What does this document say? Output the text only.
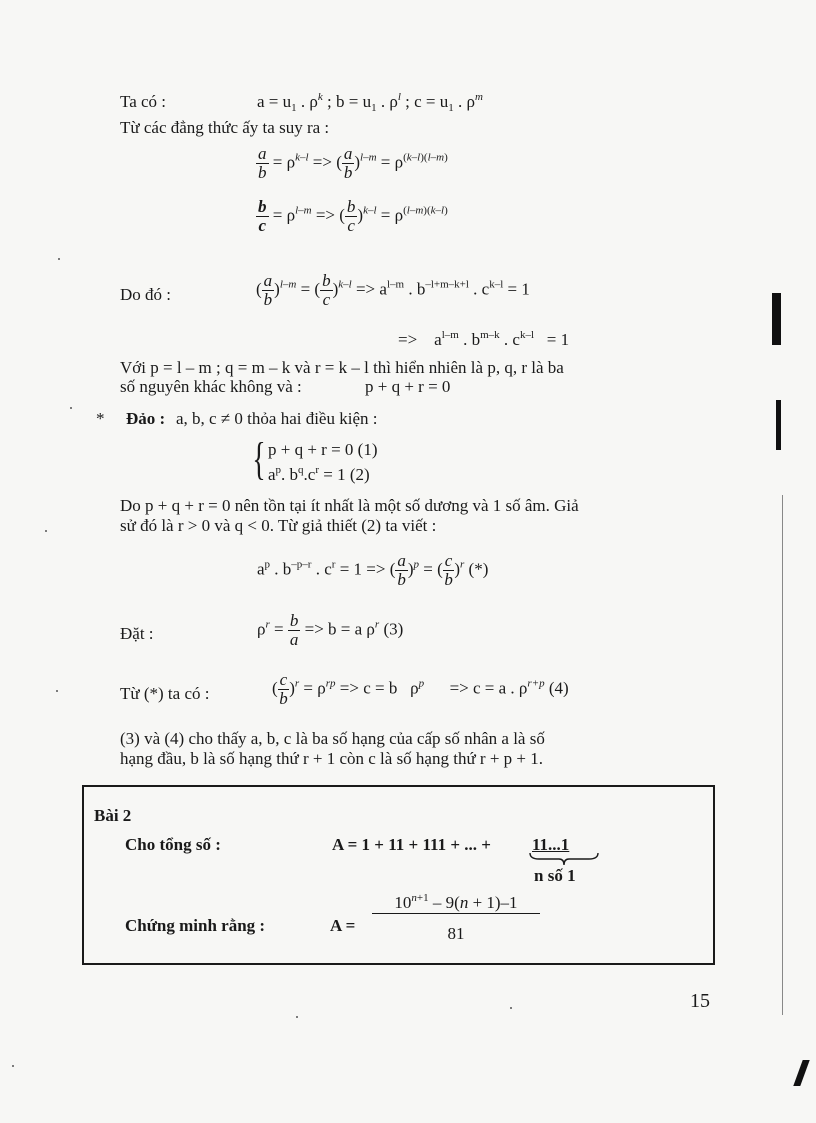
Ta có :	$a = u_1$ . $\rho^k$ ; $b = u_1$ . $\rho^l$ ; $c = u_1$ . $\rho^m$
Từ các đẳng thức ấy ta suy ra :
$\frac{a}{b} = \rho^{k-l}$ => ( $\frac{a}{b} )^{l-m} = \rho^{(k-l)(l-m)}$
$\frac{b}{c} = \rho^{l-m}$ => ( $\frac{b}{c} )^{k-l} = \rho^{(l-m)(k-l)}$
Do đó :	( $\frac{a}{b} )^{l-m}$ = ( $\frac{b}{c} )^{k-l} => a^{l-m}$ . $b^{-l+m-k+l}$ . $c^{k-l} = 1$
=>    $a^{l-m}$ . $b^{m-k}$ . $c^{k-l} = 1$
Với p = l – m ; q = m – k và r = k – l thì hiển nhiên là p, q, r là ba
số nguyên khác không và :	p + q + r = 0
* Đảo : a, b, c ≠ 0 thỏa hai điều kiện :
{ p + q + r = 0 (1)
$a^p$. $b^q.c^r = 1$ (2)
Do p + q + r = 0 nên tồn tại ít nhất là một số dương và 1 số âm. Giả
sử đó là r > 0 và q < 0. Từ giả thiết (2) ta viết :
$a^p$ . $b^{-p-r}$ . $c^r = 1$ => ( $\frac{a}{b} )^p$ = ( $\frac{c}{b} )^r$ (*)
Đặt :	$\rho^r = \frac{b}{a} => b = a$ $\rho^r$ (3)
Từ (*) ta có :	( $\frac{c}{b} )^r = \rho^{rp} => c = b$   $\rho^p$      => c = a . $\rho^{r+p}$ (4)
(3) và (4) cho thấy a, b, c là ba số hạng của cấp số nhân a là số
hạng đầu, b là số hạng thứ r + 1 còn c là số hạng thứ r + p + 1.
Bài 2
Cho tổng số :	A = 1 + 11 + 111 + ... + 11...1
n số 1
Chứng minh rằng :	A =
$10^{n+1} - 9(n + 1)-1$
81
15
